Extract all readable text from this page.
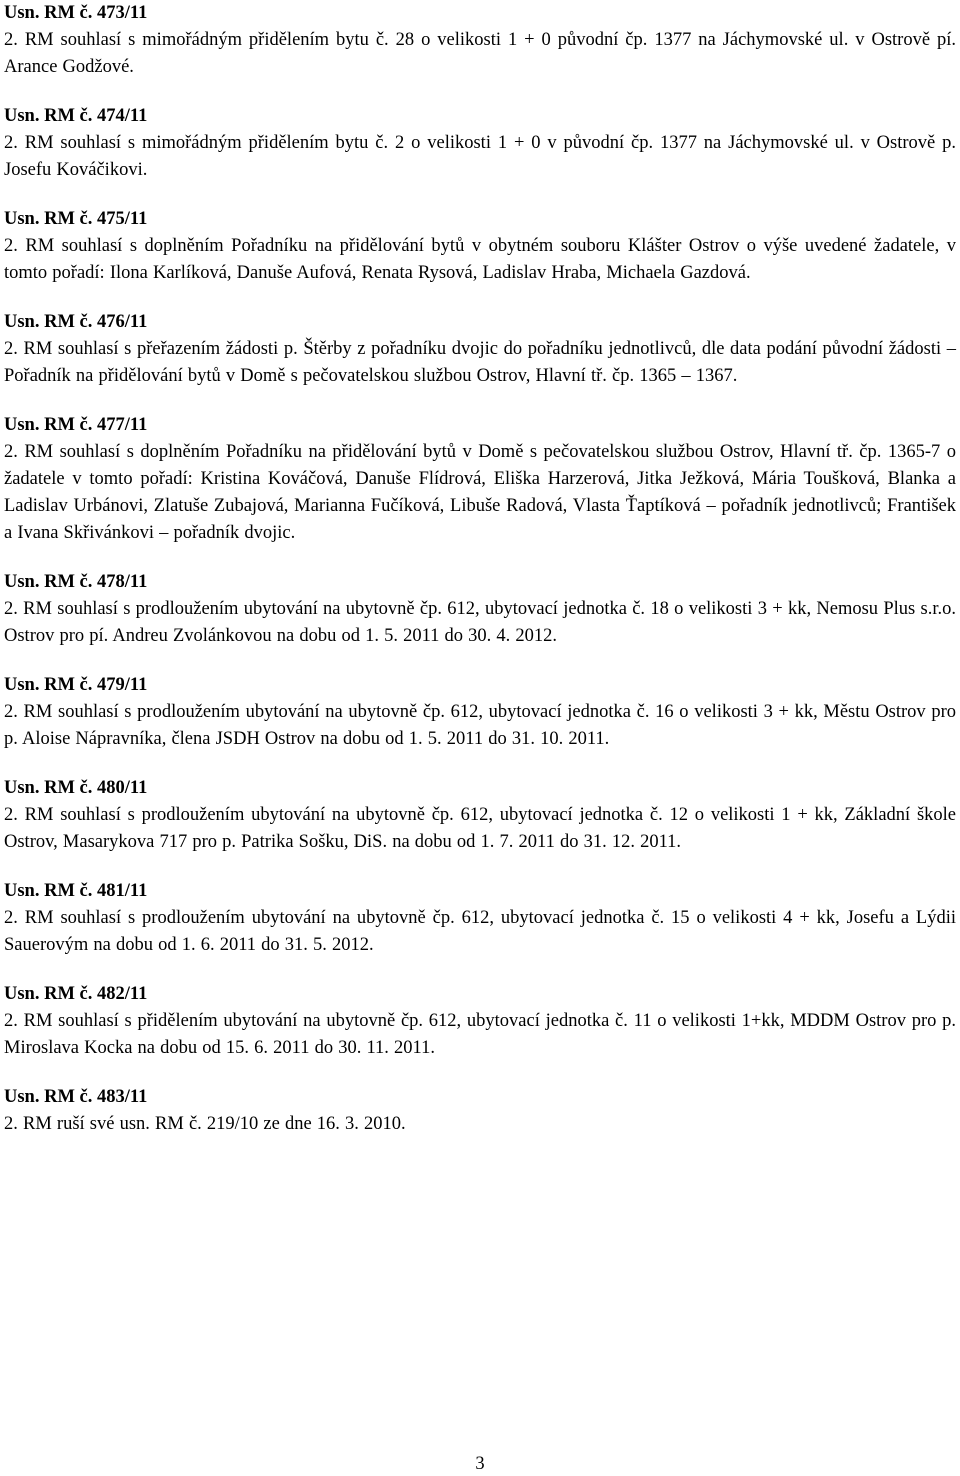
Usn. RM č. 473/11
2. RM souhlasí s mimořádným přidělením bytu č. 28 o velikosti 1 + 0 původní čp. 1377 na Jáchymovské ul. v Ostrově pí. Arance Godžové.
Usn. RM č. 474/11
2. RM souhlasí s mimořádným přidělením bytu č. 2 o velikosti 1 + 0 v původní čp. 1377 na Jáchymovské ul. v Ostrově p. Josefu Kováčikovi.
Usn. RM č. 475/11
2. RM souhlasí s doplněním Pořadníku na přidělování bytů v obytném souboru Klášter Ostrov o výše uvedené žadatele, v tomto pořadí: Ilona Karlíková, Danuše Aufová, Renata Rysová, Ladislav Hraba, Michaela Gazdová.
Usn. RM č. 476/11
2. RM souhlasí s přeřazením žádosti p. Štěrby z pořadníku dvojic do pořadníku jednotlivců, dle data podání původní žádosti – Pořadník na přidělování bytů v Domě s pečovatelskou službou Ostrov, Hlavní tř. čp. 1365 – 1367.
Usn. RM č. 477/11
2. RM souhlasí s doplněním Pořadníku na přidělování bytů v Domě s pečovatelskou službou Ostrov, Hlavní tř. čp. 1365-7 o žadatele v tomto pořadí: Kristina Kováčová, Danuše Flídrová, Eliška Harzerová, Jitka Ježková, Mária Toušková, Blanka a Ladislav Urbánovi, Zlatuše Zubajová, Marianna Fučíková, Libuše Radová, Vlasta Ťaptíková – pořadník jednotlivců; František a Ivana Skřivánkovi – pořadník dvojic.
Usn. RM č. 478/11
2. RM souhlasí s prodloužením ubytování na ubytovně čp. 612, ubytovací jednotka č. 18 o velikosti 3 + kk, Nemosu Plus s.r.o. Ostrov pro pí. Andreu Zvolánkovou na dobu od 1. 5. 2011 do 30. 4. 2012.
Usn. RM č. 479/11
2. RM souhlasí s prodloužením ubytování na ubytovně čp. 612, ubytovací jednotka č. 16 o velikosti 3 + kk, Městu Ostrov pro p. Aloise Nápravníka, člena JSDH Ostrov na dobu od 1. 5. 2011 do 31. 10. 2011.
Usn. RM č. 480/11
2. RM souhlasí s prodloužením ubytování na ubytovně čp. 612, ubytovací jednotka č. 12 o velikosti 1 + kk, Základní škole Ostrov, Masarykova 717 pro p. Patrika Sošku, DiS. na dobu od 1. 7. 2011 do 31. 12. 2011.
Usn. RM č. 481/11
2. RM souhlasí s prodloužením ubytování na ubytovně čp. 612, ubytovací jednotka č. 15 o velikosti 4 + kk, Josefu a Lýdii Sauerovým na dobu od 1. 6. 2011 do 31. 5. 2012.
Usn. RM č. 482/11
2. RM souhlasí s přidělením ubytování na ubytovně čp. 612, ubytovací jednotka č. 11 o velikosti 1+kk, MDDM Ostrov pro p. Miroslava Kocka na dobu od 15. 6. 2011 do 30. 11. 2011.
Usn. RM č. 483/11
2. RM ruší své usn. RM č. 219/10 ze dne 16. 3. 2010.
3
